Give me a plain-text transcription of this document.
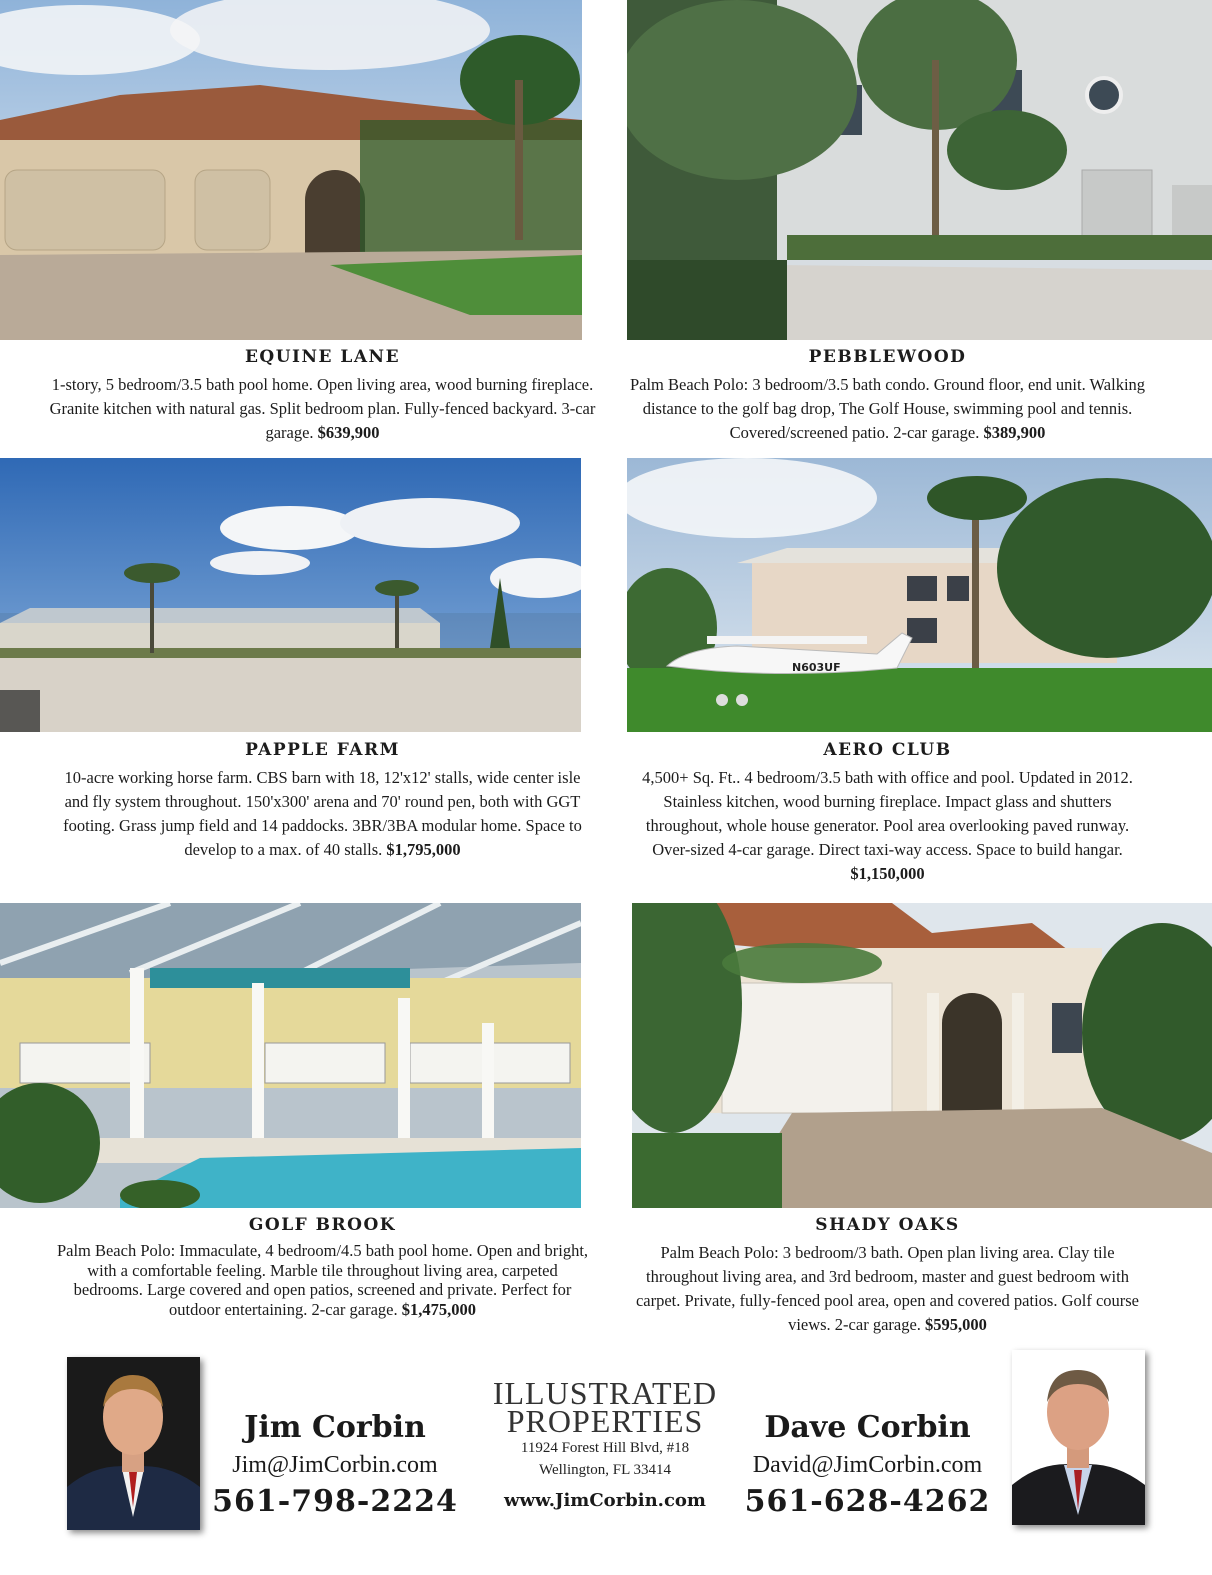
EQUINE LANE
1-story, 5 bedroom/3.5 bath pool home. Open living area, wood burning fireplace. Granite kitchen with natural gas. Split bedroom plan. Fully-fenced backyard. 3-car garage. $639,900
PEBBLEWOOD
Palm Beach Polo: 3 bedroom/3.5 bath condo. Ground floor, end unit. Walking distance to the golf bag drop, The Golf House, swimming pool and tennis. Covered/screened patio. 2-car garage. $389,900
N603UF
PAPPLE FARM
10-acre working horse farm. CBS barn with 18, 12'x12' stalls, wide center isle and fly system throughout. 150'x300' arena and 70' round pen, both with GGT footing. Grass jump field and 14 paddocks. 3BR/3BA modular home. Space to develop to a max. of 40 stalls. $1,795,000
AERO CLUB
4,500+ Sq. Ft.. 4 bedroom/3.5 bath with office and pool. Updated in 2012. Stainless kitchen, wood burning fireplace. Impact glass and shutters throughout, whole house generator. Pool area overlooking paved runway. Over-sized 4-car garage. Direct taxi-way access. Space to build hangar. $1,150,000
GOLF BROOK
Palm Beach Polo: Immaculate, 4 bedroom/4.5 bath pool home. Open and bright, with a comfortable feeling. Marble tile throughout living area, carpeted bedrooms. Large covered and open patios, screened and private. Perfect for outdoor entertaining. 2-car garage. $1,475,000
SHADY OAKS
Palm Beach Polo: 3 bedroom/3 bath. Open plan living area. Clay tile throughout living area, and 3rd bedroom, master and guest bedroom with carpet. Private, fully-fenced pool area, open and covered patios. Golf course views. 2-car garage. $595,000
Jim Corbin
Jim@JimCorbin.com
561-798-2224
ILLUSTRATED
PROPERTIES
11924 Forest Hill Blvd, #18
Wellington, FL 33414
www.JimCorbin.com
Dave Corbin
David@JimCorbin.com
561-628-4262
